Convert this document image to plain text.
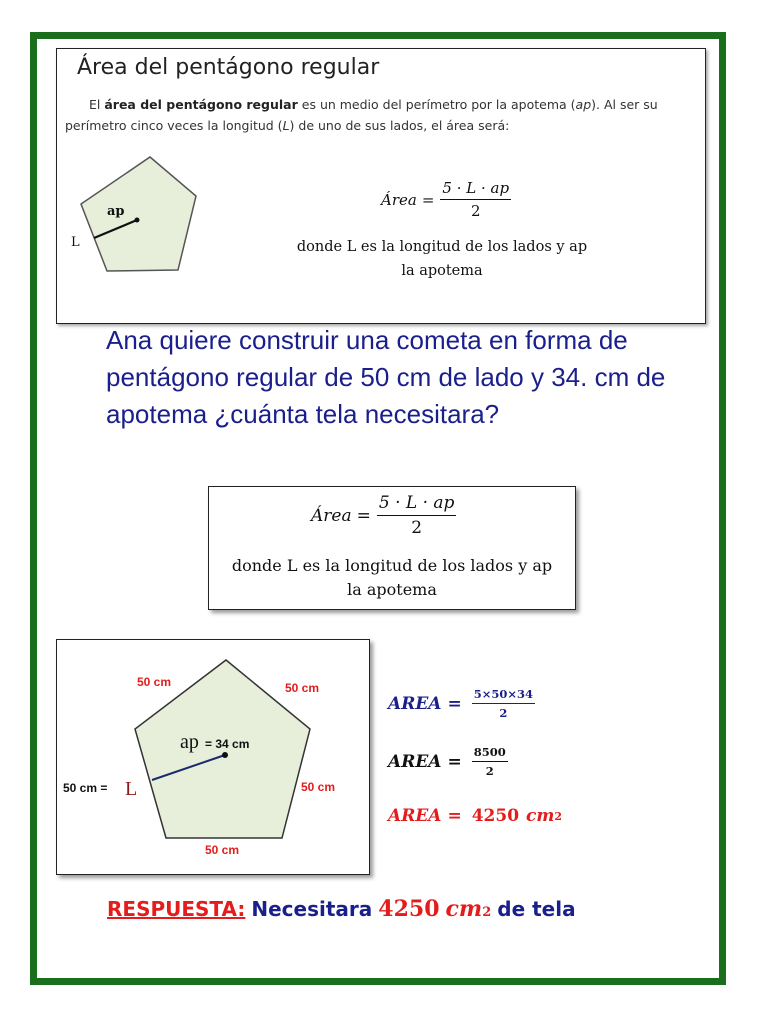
Área del pentágono regular
El área del pentágono regular es un medio del perímetro por la apotema (ap). Al ser su perímetro cinco veces la longitud (L) de uno de sus lados, el área será:
ap
L
Área = $\frac{5 \cdot L \cdot ap}{2}$
donde L es la longitud de los lados y ap
la apotema
Ana quiere construir una cometa en forma de pentágono regular de 50 cm de lado y 34. cm de apotema ¿cuánta tela necesitara?
Área = $\frac{5 \cdot L \cdot ap}{2}$
donde L es la longitud de los lados y ap
la apotema
50 cm	50 cm
50 cm
50 cm
50 cm = L
ap = 34 cm
AREA = $\frac{5\times 50\times 34}{2}$
AREA = $\frac{8500}{2}$
AREA = 4250 cm 2
RESPUESTA: Necesitara 4250 cm 2 de tela
